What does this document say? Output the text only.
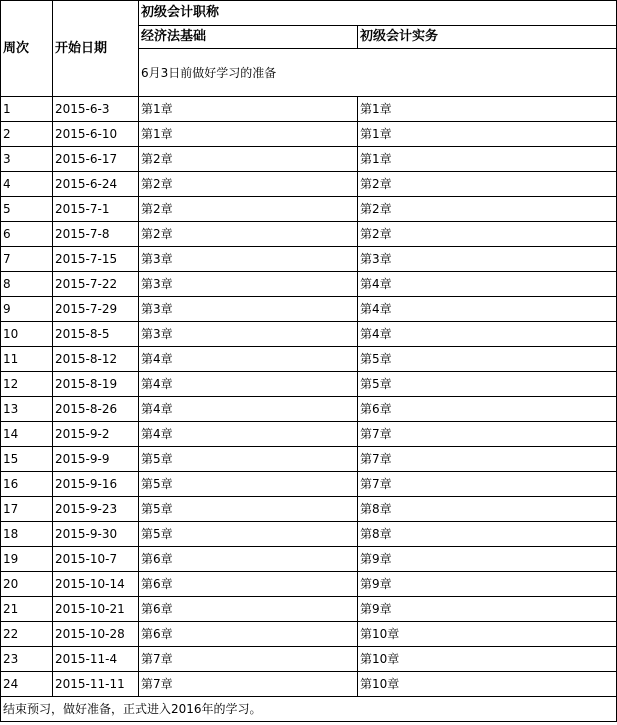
周次	开始日期	初级会计职称	
		经济法基础	初级会计实务
		6月3日前做好学习的准备	
1	2015-6-3	第1章	第1章
2	2015-6-10	第1章	第1章
3	2015-6-17	第2章	第1章
4	2015-6-24	第2章	第2章
5	2015-7-1	第2章	第2章
6	2015-7-8	第2章	第2章
7	2015-7-15	第3章	第3章
8	2015-7-22	第3章	第4章
9	2015-7-29	第3章	第4章
10	2015-8-5	第3章	第4章
11	2015-8-12	第4章	第5章
12	2015-8-19	第4章	第5章
13	2015-8-26	第4章	第6章
14	2015-9-2	第4章	第7章
15	2015-9-9	第5章	第7章
16	2015-9-16	第5章	第7章
17	2015-9-23	第5章	第8章
18	2015-9-30	第5章	第8章
19	2015-10-7	第6章	第9章
20	2015-10-14	第6章	第9章
21	2015-10-21	第6章	第9章
22	2015-10-28	第6章	第10章
23	2015-11-4	第7章	第10章
24	2015-11-11	第7章	第10章
结束预习，做好准备，正式进入2016年的学习。			
